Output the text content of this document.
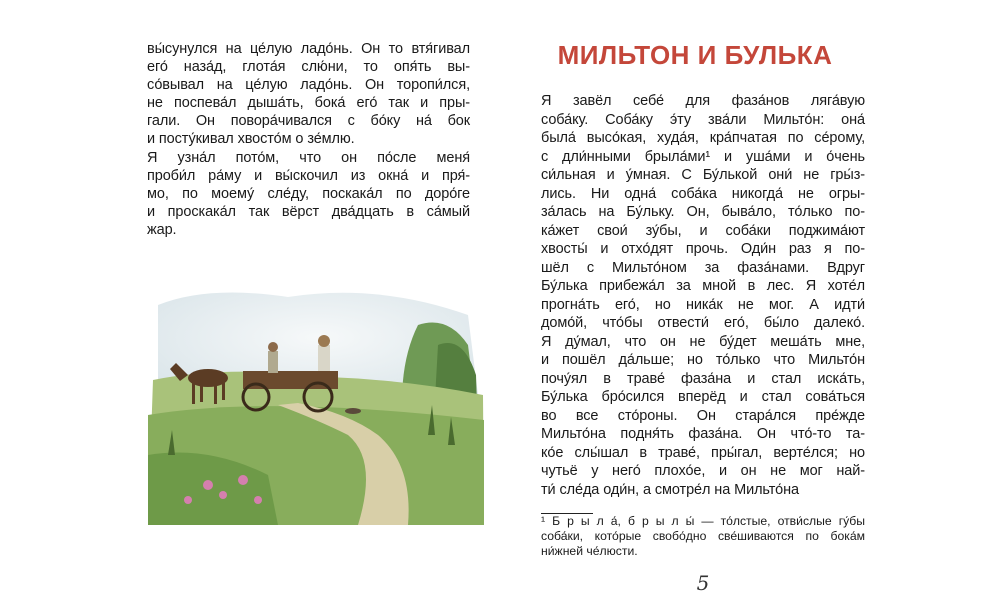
вы́сунулся на це́лую ладо́нь. Он то втя́гивал
его́ наза́д, глота́я слю́ни, то опя́ть вы-
со́вывал на це́лую ладо́нь. Он торопи́лся,
не поспева́л дыша́ть, бока́ его́ так и пры-
гали. Он повора́чивался с бо́ку на́ бок
и посту́кивал хвосто́м о зе́млю.
Я узна́л пото́м, что он по́сле меня́
проби́л ра́му и вы́скочил из окна́ и пря́-
мо, по моему́ сле́ду, поскака́л по доро́ге
и проскака́л так вёрст два́дцать в са́мый
жар.
МИЛЬТОН И БУЛЬКА
Я завёл себе́ для фаза́нов ляга́вую
соба́ку. Соба́ку э́ту зва́ли Мильто́н: она́
была́ высо́кая, худа́я, кра́пчатая по се́рому,
с дли́нными брыла́ми¹ и уша́ми и о́чень
си́льная и у́мная. С Бу́лькой они́ не гры́з-
лись. Ни одна́ соба́ка никогда́ не огры-
за́лась на Бу́льку. Он, быва́ло, то́лько по-
ка́жет свои́ зу́бы, и соба́ки поджима́ют
хвосты́ и отхо́дят прочь. Оди́н раз я по-
шёл с Мильто́ном за фаза́нами. Вдруг
Бу́лька прибежа́л за мной в лес. Я хоте́л
прогна́ть его́, но ника́к не мог. А идти́
домо́й, что́бы отвести́ его́, бы́ло далеко́.
Я ду́мал, что он не бу́дет меша́ть мне,
и пошёл да́льше; но то́лько что Мильто́н
почу́ял в траве́ фаза́на и стал иска́ть,
Бу́лька бро́сился вперёд и стал сова́ться
во все сто́роны. Он стара́лся пре́жде
Мильто́на подня́ть фаза́на. Он что́-то та-
ко́е слы́шал в траве́, пры́гал, верте́лся; но
чутьё у него́ плохо́е, и он не мог най-
ти́ сле́да оди́н, а смотре́л на Мильто́на
¹ Б р ы л а́, б р ы л ы́ — то́лстые, отви́слые гу́бы
соба́ки, кото́рые свобо́дно све́шиваются по бока́м
ни́жней че́люсти.
5
